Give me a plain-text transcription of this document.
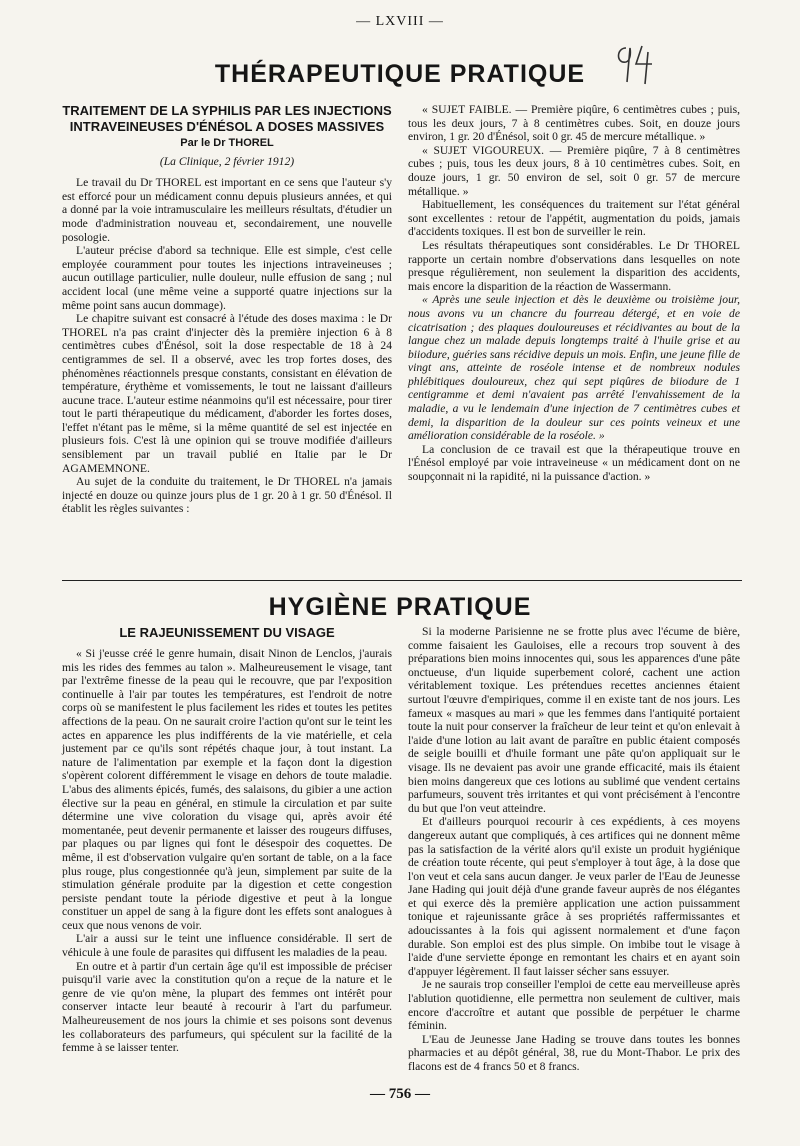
— LXVIII —
THÉRAPEUTIQUE PRATIQUE
TRAITEMENT DE LA SYPHILIS PAR LES INJECTIONS INTRAVEINEUSES D'ÉNÉSOL A DOSES MASSIVES
Par le Dr THOREL
(La Clinique, 2 février 1912)

Le travail du Dr THOREL est important en ce sens que l'auteur s'y est efforcé pour un médicament connu depuis plusieurs années, et qui a donné par la voie intramusculaire les meilleurs résultats, d'étudier un mode d'administration nouveau et, secondairement, une nouvelle posologie.

L'auteur précise d'abord sa technique. Elle est simple, c'est celle employée couramment pour toutes les injections intraveineuses ; aucun outillage particulier, nulle douleur, nulle effusion de sang ; nul accident local (une même veine a supporté quatre injections sur la même point sans aucun dommage).

Le chapitre suivant est consacré à l'étude des doses maxima : le Dr THOREL n'a pas craint d'injecter dès la première injection 6 à 8 centimètres cubes d'Énésol, soit la dose respectable de 18 à 24 centigrammes de sel. Il a observé, avec les trop fortes doses, des phénomènes réactionnels presque constants, consistant en élévation de température, érythème et vomissements, le tout ne laissant d'ailleurs aucune trace. L'auteur estime néanmoins qu'il est nécessaire, pour tirer tout le parti thérapeutique du médicament, d'aborder les fortes doses, l'effet n'étant pas le même, si la même quantité de sel est injectée en plusieurs fois. C'est là une opinion qui se trouve modifiée d'ailleurs sensiblement par un travail publié en Italie par le Dr AGAMEMNONE.

Au sujet de la conduite du traitement, le Dr THOREL n'a jamais injecté en douze ou quinze jours plus de 1 gr. 20 à 1 gr. 50 d'Énésol. Il établit les règles suivantes :

« SUJET FAIBLE. — Première piqûre, 6 centimètres cubes ; puis, tous les deux jours, 7 à 8 centimètres cubes. Soit, en douze jours environ, 1 gr. 20 d'Énésol, soit 0 gr. 45 de mercure métallique. »

« SUJET VIGOUREUX. — Première piqûre, 7 à 8 centimètres cubes ; puis, tous les deux jours, 8 à 10 centimètres cubes. Soit, en douze jours, 1 gr. 50 environ de sel, soit 0 gr. 57 de mercure métallique. »

Habituellement, les conséquences du traitement sur l'état général sont excellentes : retour de l'appétit, augmentation du poids, jamais d'accidents toxiques. Il est bon de surveiller le rein.

Les résultats thérapeutiques sont considérables. Le Dr THOREL rapporte un certain nombre d'observations dans lesquelles on note presque régulièrement, non seulement la disparition des accidents, mais encore la disparition de la réaction de Wassermann.

« Après une seule injection et dès le deuxième ou troisième jour, nous avons vu un chancre du fourreau détergé, et en voie de cicatrisation ; des plaques douloureuses et récidivantes au bout de la langue chez un malade depuis longtemps traité à l'huile grise et au biiodure, guéries sans récidive depuis un mois. Enfin, une jeune fille de vingt ans, atteinte de roséole intense et de nombreux nodules phlébitiques douloureux, chez qui sept piqûres de biiodure de 1 centigramme et demi n'avaient pas arrêté l'envahissement de la maladie, a vu le lendemain d'une injection de 7 centimètres cubes et demi, la disparition de la douleur sur ces points veineux et une amélioration considérable de la roséole. »

La conclusion de ce travail est que la thérapeutique trouve en l'Énésol employé par voie intraveineuse « un médicament dont on ne soupçonnait ni la rapidité, ni la puissance d'action. »

HYGIÈNE PRATIQUE
LE RAJEUNISSEMENT DU VISAGE

« Si j'eusse créé le genre humain, disait Ninon de Lenclos, j'aurais mis les rides des femmes au talon ». Malheureusement le visage, tant par l'extrême finesse de la peau qui le recouvre, que par l'exposition continuelle à l'air par toutes les températures, est l'endroit de notre corps où se manifestent le plus facilement les rides et toutes les petites affections de la peau. On ne saurait croire l'action qu'ont sur le teint les actes en apparence les plus indifférents de la vie matérielle, et cela justement par ce qu'ils sont répétés chaque jour, à tout instant. La nature de l'alimentation par exemple et la façon dont la digestion s'opèrent colorent différemment le visage en dehors de toute maladie. L'abus des aliments épicés, fumés, des salaisons, du gibier a une action élective sur la peau en général, en stimule la circulation et par suite détermine une vive coloration du visage qui, après avoir été momentanée, peut devenir permanente et laisser des rougeurs diffuses, par plaques ou par lignes qui font le désespoir des coquettes. De même, il est d'observation vulgaire qu'en sortant de table, on a la face plus rouge, plus congestionnée qu'à jeun, simplement par suite de la stimulation générale produite par la digestion et cette congestion persiste pendant toute la période digestive et peut à la longue constituer un appel de sang à la figure dont les effets sont analogues à ceux que nous venons de voir.

L'air a aussi sur le teint une influence considérable. Il sert de véhicule à une foule de parasites qui diffusent les maladies de la peau.

En outre et à partir d'un certain âge qu'il est impossible de préciser puisqu'il varie avec la constitution qu'on a reçue de la nature et le genre de vie qu'on mène, la plupart des femmes ont intérêt pour conserver intacte leur beauté à recourir à l'art du parfumeur. Malheureusement de nos jours la chimie et ses poisons sont devenus les collaborateurs des parfumeurs, qui spéculent sur la facilité de la femme à se laisser tenter.

Si la moderne Parisienne ne se frotte plus avec l'écume de bière, comme faisaient les Gauloises, elle a recours trop souvent à des préparations bien moins innocentes qui, sous les apparences d'une pâte onctueuse, d'un liquide superbement coloré, cachent une action véritablement toxique. Les prétendues recettes anciennes étaient surtout l'œuvre d'empiriques, comme il en existe tant de nos jours. Les fameux « masques au mari » que les femmes dans l'antiquité portaient toute la nuit pour conserver la fraîcheur de leur teint et qu'on enlevait à l'aide d'une lotion au lait avant de paraître en public étaient composés de seigle bouilli et d'huile formant une pâte qu'on appliquait sur le visage. Ils ne devaient pas avoir une grande efficacité, mais ils étaient bien moins dangereux que ces lotions au sublimé que vendent certains parfumeurs, souvent très irritantes et qui vont précisément à l'encontre du but que l'on veut atteindre.

Et d'ailleurs pourquoi recourir à ces expédients, à ces moyens dangereux autant que compliqués, à ces artifices qui ne donnent même pas la satisfaction de la vérité alors qu'il existe un produit hygiénique de création toute récente, qui peut s'employer à tout âge, à la dose que l'on veut et cela sans aucun danger. Je veux parler de l'Eau de Jeunesse Jane Hading qui jouit déjà d'une grande faveur auprès de nos élégantes et qui exerce dès la première application une action puissamment tonique et rajeunissante grâce à ses propriétés raffermissantes et adoucissantes à la fois qui agissent normalement et d'une façon durable. Son emploi est des plus simple. On imbibe tout le visage à l'aide d'une serviette éponge en remontant les chairs et en ayant soin d'appuyer légèrement. Il faut laisser sécher sans essuyer.

Je ne saurais trop conseiller l'emploi de cette eau merveilleuse après l'ablution quotidienne, elle permettra non seulement de cultiver, mais encore d'accroître et autant que possible de perpétuer le charme féminin.

L'Eau de Jeunesse Jane Hading se trouve dans toutes les bonnes pharmacies et au dépôt général, 38, rue du Mont-Thabor. Le prix des flacons est de 4 francs 50 et 8 francs.

— 756 —
